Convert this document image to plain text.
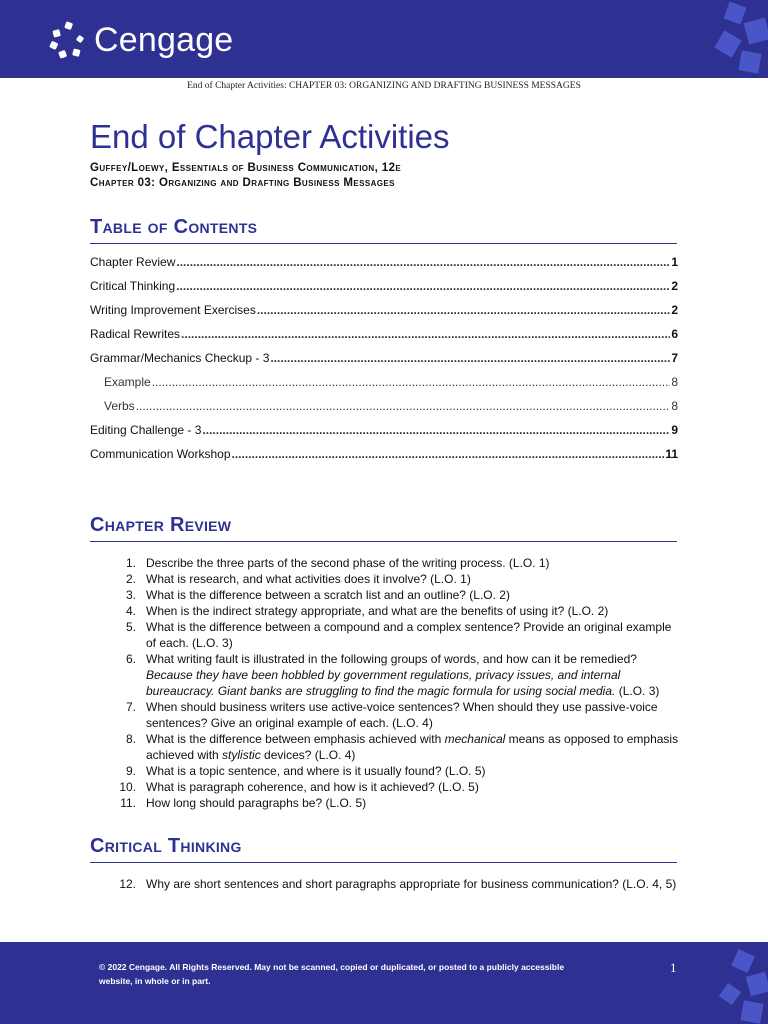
Cengage
End of Chapter Activities: CHAPTER 03: ORGANIZING AND DRAFTING BUSINESS MESSAGES
End of Chapter Activities
Guffey/Loewy, Essentials of Business Communication, 12e
Chapter 03: Organizing and Drafting Business Messages
Table of Contents
Chapter Review .....	1
Critical Thinking .....	2
Writing Improvement Exercises .....	2
Radical Rewrites .....	6
Grammar/Mechanics Checkup - 3 .....	7
Example .....	8
Verbs .....	8
Editing Challenge - 3 .....	9
Communication Workshop .....	11
Chapter Review
1. Describe the three parts of the second phase of the writing process. (L.O. 1)
2. What is research, and what activities does it involve? (L.O. 1)
3. What is the difference between a scratch list and an outline? (L.O. 2)
4. When is the indirect strategy appropriate, and what are the benefits of using it? (L.O. 2)
5. What is the difference between a compound and a complex sentence? Provide an original example of each. (L.O. 3)
6. What writing fault is illustrated in the following groups of words, and how can it be remedied?
Because they have been hobbled by government regulations, privacy issues, and internal bureaucracy. Giant banks are struggling to find the magic formula for using social media. (L.O. 3)
7. When should business writers use active-voice sentences? When should they use passive-voice sentences? Give an original example of each. (L.O. 4)
8. What is the difference between emphasis achieved with mechanical means as opposed to emphasis achieved with stylistic devices? (L.O. 4)
9. What is a topic sentence, and where is it usually found? (L.O. 5)
10. What is paragraph coherence, and how is it achieved? (L.O. 5)
11. How long should paragraphs be? (L.O. 5)
Critical Thinking
12. Why are short sentences and short paragraphs appropriate for business communication? (L.O. 4, 5)
© 2022 Cengage. All Rights Reserved. May not be scanned, copied or duplicated, or posted to a publicly accessible website, in whole or in part.
1
